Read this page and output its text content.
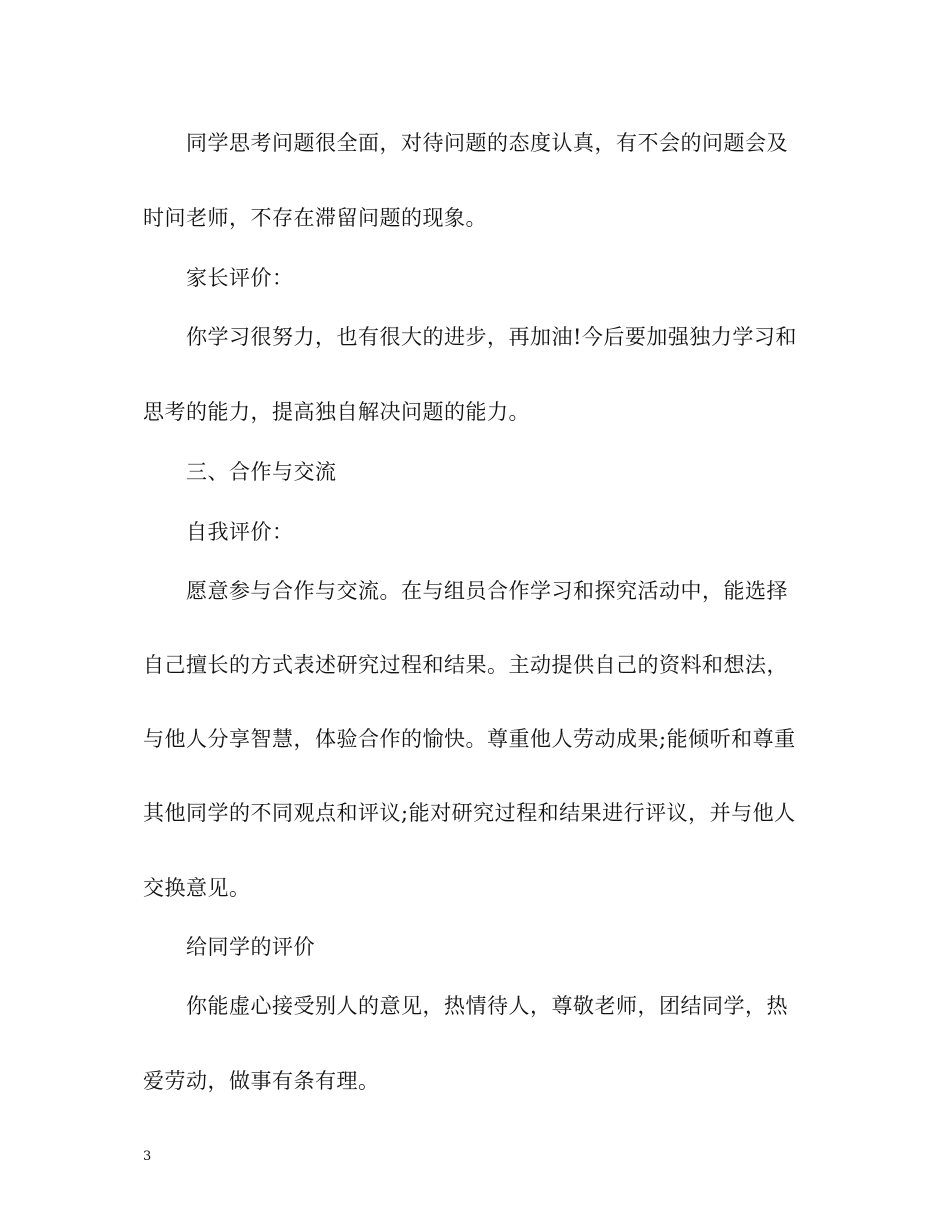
同学思考问题很全面，对待问题的态度认真，有不会的问题会及
时问老师，不存在滞留问题的现象。
家长评价：
你学习很努力，也有很大的进步，再加油!今后要加强独力学习和
思考的能力，提高独自解决问题的能力。
三、合作与交流
自我评价：
愿意参与合作与交流。在与组员合作学习和探究活动中，能选择
自己擅长的方式表述研究过程和结果。主动提供自己的资料和想法，
与他人分享智慧，体验合作的愉快。尊重他人劳动成果;能倾听和尊重
其他同学的不同观点和评议;能对研究过程和结果进行评议，并与他人
交换意见。
给同学的评价
你能虚心接受别人的意见，热情待人，尊敬老师，团结同学，热
爱劳动，做事有条有理。
3
